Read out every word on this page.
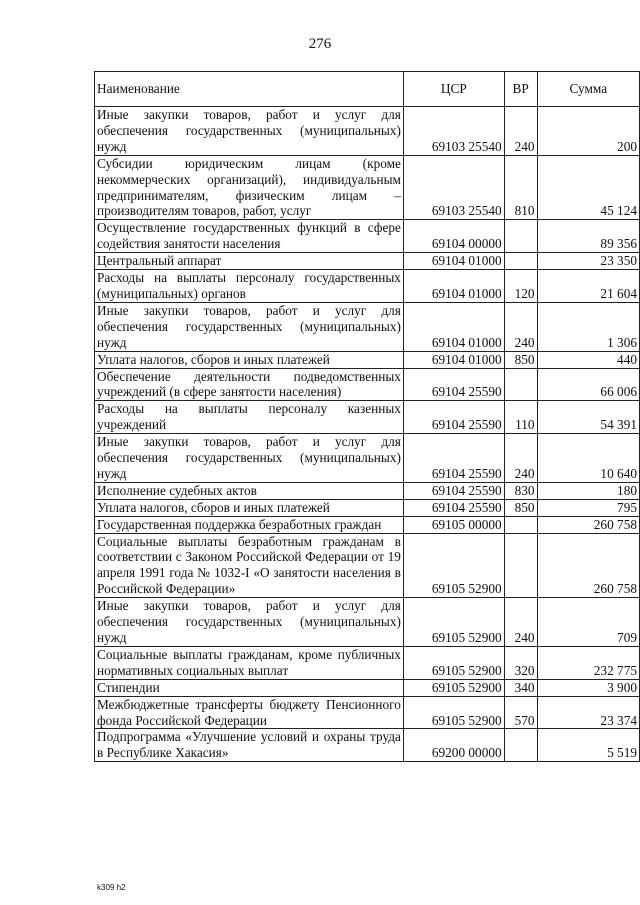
276
Наименование	ЦСР	ВР	Сумма
Иные закупки товаров, работ и услуг для обеспечения государственных (муниципальных) нужд	69103 25540	240	200
Субсидии юридическим лицам (кроме некоммерческих организаций), индивидуальным предпринимателям, физическим лицам – производителям товаров, работ, услуг	69103 25540	810	45 124
Осуществление государственных функций в сфере содействия занятости населения	69104 00000		89 356
Центральный аппарат	69104 01000		23 350
Расходы на выплаты персоналу государственных (муниципальных) органов	69104 01000	120	21 604
Иные закупки товаров, работ и услуг для обеспечения государственных (муниципальных) нужд	69104 01000	240	1 306
Уплата налогов, сборов и иных платежей	69104 01000	850	440
Обеспечение деятельности подведомственных учреждений (в сфере занятости населения)	69104 25590		66 006
Расходы на выплаты персоналу казенных учреждений	69104 25590	110	54 391
Иные закупки товаров, работ и услуг для обеспечения государственных (муниципальных) нужд	69104 25590	240	10 640
Исполнение судебных актов	69104 25590	830	180
Уплата налогов, сборов и иных платежей	69104 25590	850	795
Государственная поддержка безработных граждан	69105 00000		260 758
Социальные выплаты безработным гражданам в соответствии с Законом Российской Федерации от 19 апреля 1991 года № 1032-I «О занятости населения в Российской Федерации»	69105 52900		260 758
Иные закупки товаров, работ и услуг для обеспечения государственных (муниципальных) нужд	69105 52900	240	709
Социальные выплаты гражданам, кроме публичных нормативных социальных выплат	69105 52900	320	232 775
Стипендии	69105 52900	340	3 900
Межбюджетные трансферты бюджету Пенсионного фонда Российской Федерации	69105 52900	570	23 374
Подпрограмма «Улучшение условий и охраны труда в Республике Хакасия»	69200 00000		5 519
k309 h2
